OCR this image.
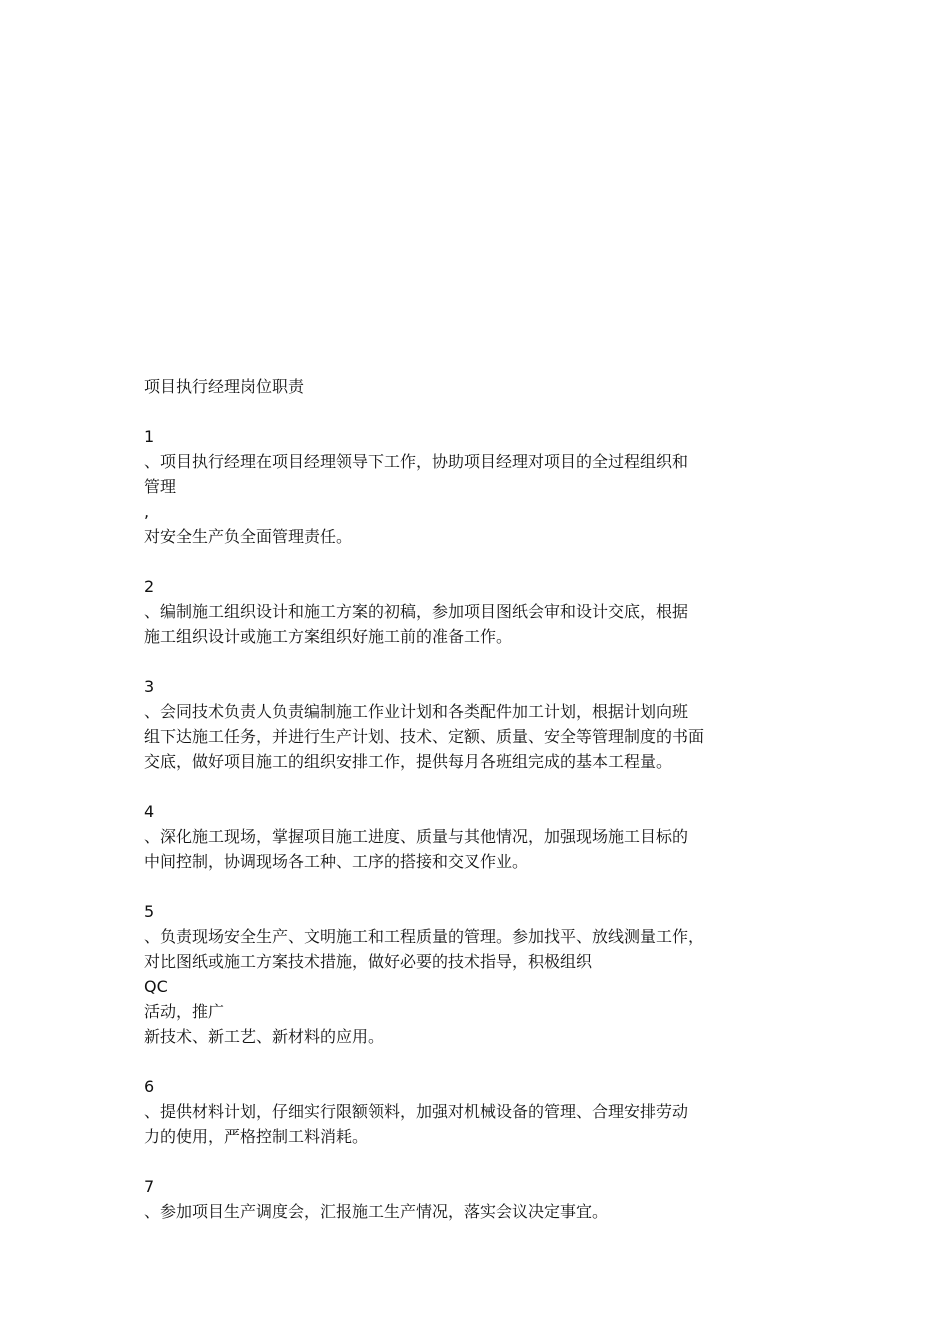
项目执行经理岗位职责
1
、项目执行经理在项目经理领导下工作，协助项目经理对项目的全过程组织和
管理
,
对安全生产负全面管理责任。
2
、编制施工组织设计和施工方案的初稿，参加项目图纸会审和设计交底，根据
施工组织设计或施工方案组织好施工前的准备工作。
3
、会同技术负责人负责编制施工作业计划和各类配件加工计划，根据计划向班
组下达施工任务，并进行生产计划、技术、定额、质量、安全等管理制度的书面
交底，做好项目施工的组织安排工作，提供每月各班组完成的基本工程量。
4
、深化施工现场，掌握项目施工进度、质量与其他情况，加强现场施工目标的
中间控制，协调现场各工种、工序的搭接和交叉作业。
5
、负责现场安全生产、文明施工和工程质量的管理。参加找平、放线测量工作，
对比图纸或施工方案技术措施，做好必要的技术指导，积极组织
QC
活动，推广
新技术、新工艺、新材料的应用。
6
、提供材料计划，仔细实行限额领料，加强对机械设备的管理、合理安排劳动
力的使用，严格控制工料消耗。
7
、参加项目生产调度会，汇报施工生产情况，落实会议决定事宜。
